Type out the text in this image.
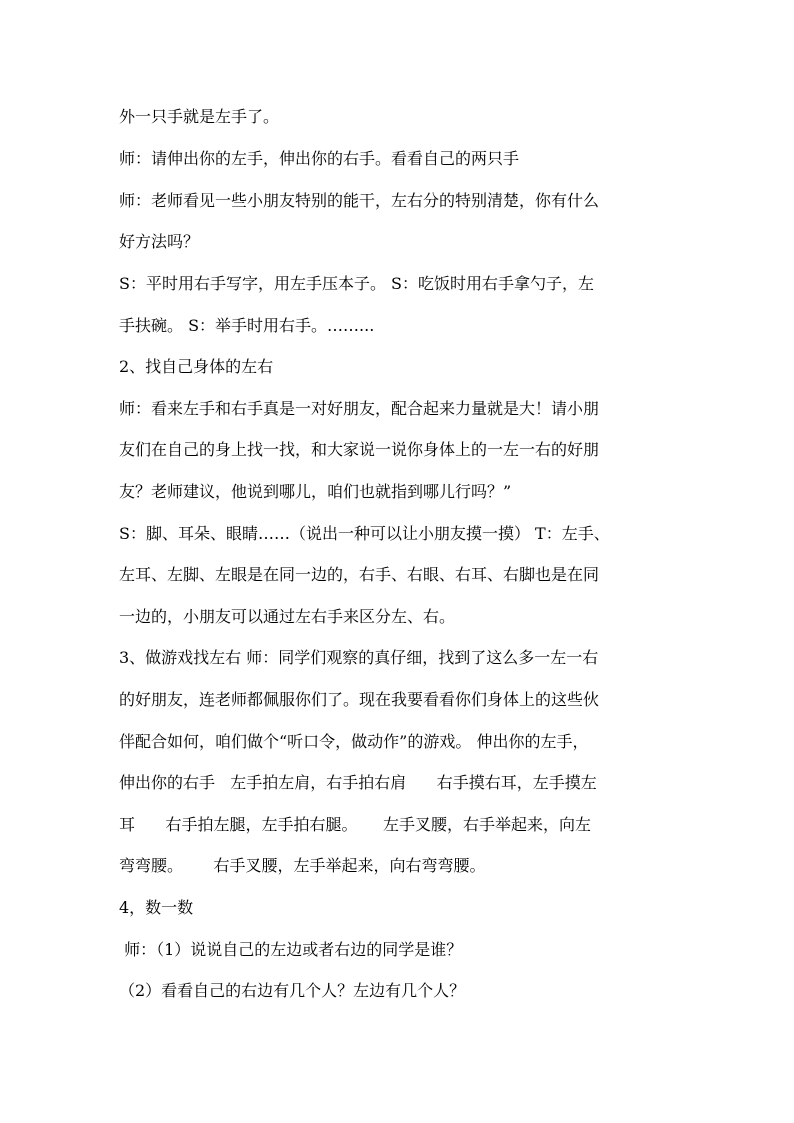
外一只手就是左手了。
师：请伸出你的左手，伸出你的右手。看看自己的两只手
师：老师看见一些小朋友特别的能干，左右分的特别清楚，你有什么
好方法吗？
S：平时用右手写字，用左手压本子。 S：吃饭时用右手拿勺子，左
手扶碗。 S：举手时用右手。……...
2、找自己身体的左右
师：看来左手和右手真是一对好朋友，配合起来力量就是大！请小朋
友们在自己的身上找一找，和大家说一说你身体上的一左一右的好朋
友？老师建议，他说到哪儿，咱们也就指到哪儿行吗？”
S：脚、耳朵、眼睛……（说出一种可以让小朋友摸一摸） T：左手、
左耳、左脚、左眼是在同一边的，右手、右眼、右耳、右脚也是在同
一边的，小朋友可以通过左右手来区分左、右。
3、做游戏找左右 师：同学们观察的真仔细，找到了这么多一左一右
的好朋友，连老师都佩服你们了。现在我要看看你们身体上的这些伙
伴配合如何，咱们做个“听口令，做动作”的游戏。 伸出你的左手，
伸出你的右手   左手拍左肩，右手拍右肩      右手摸右耳，左手摸左
耳      右手拍左腿，左手拍右腿。     左手叉腰，右手举起来，向左
弯弯腰。      右手叉腰，左手举起来，向右弯弯腰。
4，数一数
师：（1）说说自己的左边或者右边的同学是谁？
（2）看看自己的右边有几个人？左边有几个人？
